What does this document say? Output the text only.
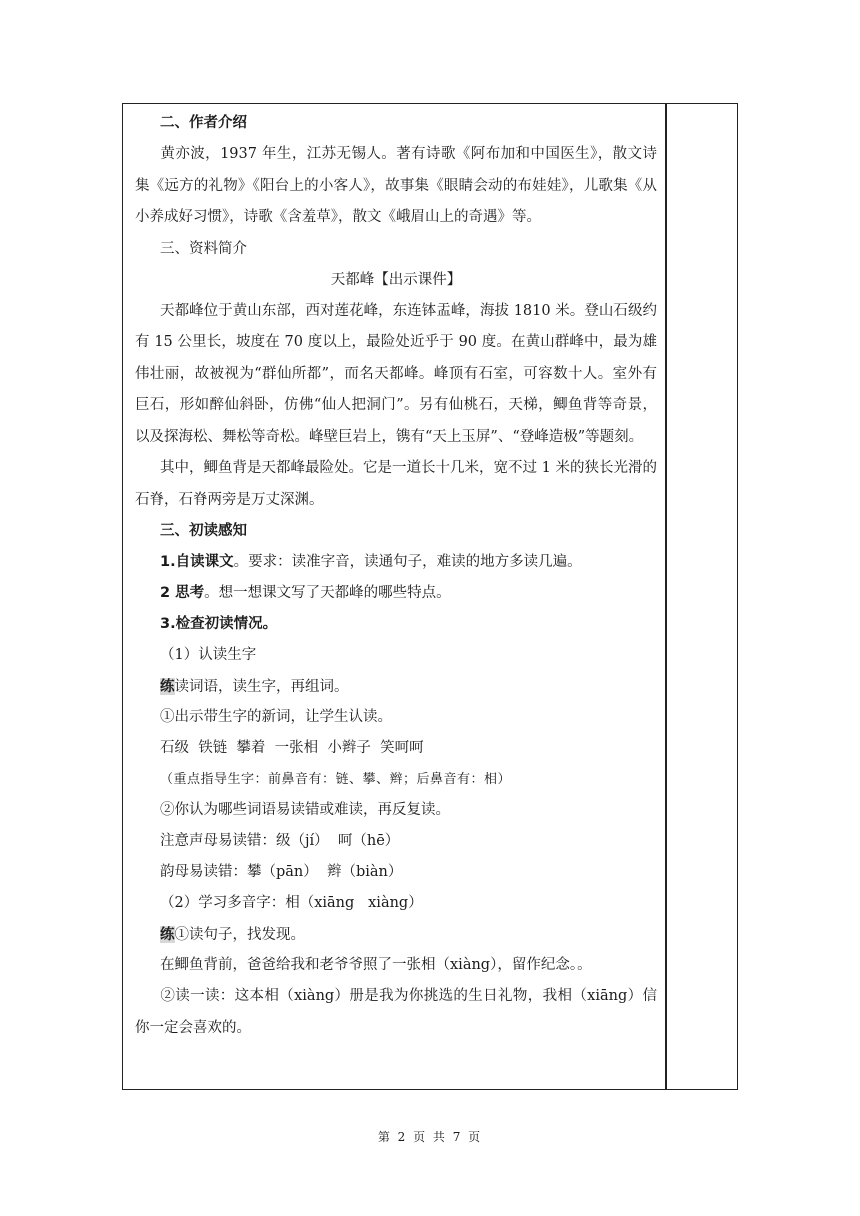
二、作者介绍
黄亦波，1937 年生，江苏无锡人。著有诗歌《阿布加和中国医生》，散文诗集《远方的礼物》《阳台上的小客人》，故事集《眼睛会动的布娃娃》，儿歌集《从小养成好习惯》，诗歌《含羞草》，散文《峨眉山上的奇遇》等。
三、资料简介
天都峰【出示课件】
天都峰位于黄山东部，西对莲花峰，东连钵盂峰，海拔 1810 米。登山石级约有 15 公里长，坡度在 70 度以上，最险处近乎于 90 度。在黄山群峰中，最为雄伟壮丽，故被视为“群仙所都”，而名天都峰。峰顶有石室，可容数十人。室外有巨石，形如醉仙斜卧，仿佛“仙人把洞门”。另有仙桃石，天梯，鲫鱼背等奇景，以及探海松、舞松等奇松。峰壁巨岩上，镌有“天上玉屏”、“登峰造极”等题刻。
其中，鲫鱼背是天都峰最险处。它是一道长十几米，宽不过 1 米的狭长光滑的石脊，石脊两旁是万丈深渊。
三、初读感知
1.自读课文。要求：读准字音，读通句子，难读的地方多读几遍。
2 思考。想一想课文写了天都峰的哪些特点。
3.检查初读情况。
（1）认读生字
练读词语，读生字，再组词。
①出示带生字的新词，让学生认读。
石级  铁链  攀着  一张相  小辫子  笑呵呵
（重点指导生字：前鼻音有：链、攀、辫；后鼻音有：相）
②你认为哪些词语易读错或难读，再反复读。
注意声母易读错：级（jí）  呵（hē）
韵母易读错：攀（pān）  辫（biàn）
（2）学习多音字：相（xiāng   xiàng）
练①读句子，找发现。
在鲫鱼背前，爸爸给我和老爷爷照了一张相（xiàng），留作纪念。。
②读一读：这本相（xiàng）册是我为你挑选的生日礼物，我相（xiāng）信你一定会喜欢的。
第 2 页 共 7 页
